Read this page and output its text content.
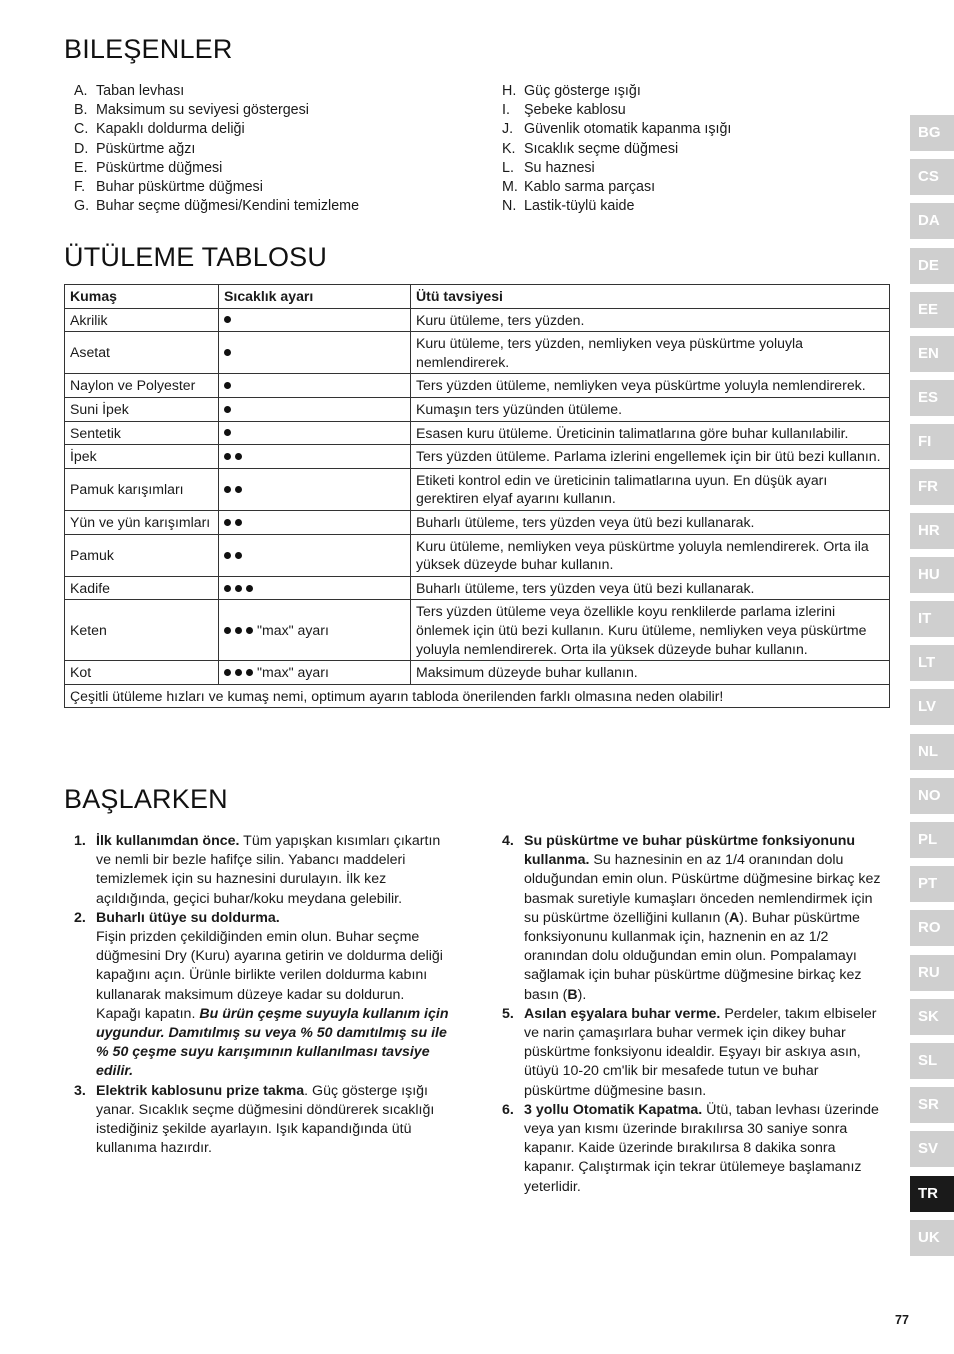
BILEŞENLER
A. Taban levhası
B. Maksimum su seviyesi göstergesi
C. Kapaklı doldurma deliği
D. Püskürtme ağzı
E. Püskürtme düğmesi
F. Buhar püskürtme düğmesi
G. Buhar seçme düğmesi/Kendini temizleme
H. Güç gösterge ışığı
I. Şebeke kablosu
J. Güvenlik otomatik kapanma ışığı
K. Sıcaklık seçme düğmesi
L. Su haznesi
M. Kablo sarma parçası
N. Lastik-tüylü kaide
ÜTÜLEME TABLOSU
Kumaş	Sıcaklık ayarı	Ütü tavsiyesi
Akrilik		Kuru ütüleme, ters yüzden.
Asetat		Kuru ütüleme, ters yüzden, nemliyken veya püskürtme yoluyla nemlendirerek.
Naylon ve Polyester		Ters yüzden ütüleme, nemliyken veya püskürtme yoluyla nemlendirerek.
Suni İpek		Kumaşın ters yüzünden ütüleme.
Sentetik		Esasen kuru ütüleme. Üreticinin talimatlarına göre buhar kullanılabilir.
İpek		Ters yüzden ütüleme. Parlama izlerini engellemek için bir ütü bezi kullanın.
Pamuk karışımları		Etiketi kontrol edin ve üreticinin talimatlarına uyun. En düşük ayarı gerektiren elyaf ayarını kullanın.
Yün ve yün karışımları		Buharlı ütüleme, ters yüzden veya ütü bezi kullanarak.
Pamuk		Kuru ütüleme, nemliyken veya püskürtme yoluyla nemlendirerek. Orta ila yüksek düzeyde buhar kullanın.
Kadife		Buharlı ütüleme, ters yüzden veya ütü bezi kullanarak.
Keten	"max" ayarı	Ters yüzden ütüleme veya özellikle koyu renklilerde parlama izlerini önlemek için ütü bezi kullanın. Kuru ütüleme, nemliyken veya püskürtme yoluyla nemlendirerek. Orta ila yüksek düzeyde buhar kullanın.
Kot	"max" ayarı	Maksimum düzeyde buhar kullanın.
Çeşitli ütüleme hızları ve kumaş nemi, optimum ayarın tabloda önerilenden farklı olmasına neden olabilir!		
BAŞLARKEN
1. İlk kullanımdan önce. Tüm yapışkan kısımları çıkartın ve nemli bir bezle hafifçe silin. Yabancı maddeleri temizlemek için su haznesini durulayın. İlk kez açıldığında, geçici buhar/koku meydana gelebilir.
2. Buharlı ütüye su doldurma.
Fişin prizden çekildiğinden emin olun. Buhar seçme düğmesini Dry (Kuru) ayarına getirin ve doldurma deliği kapağını açın. Ürünle birlikte verilen doldurma kabını kullanarak maksimum düzeye kadar su doldurun. Kapağı kapatın. Bu ürün çeşme suyuyla kullanım için uygundur. Damıtılmış su veya % 50 damıtılmış su ile % 50 çeşme suyu karışımının kullanılması tavsiye edilir.
3. Elektrik kablosunu prize takma. Güç gösterge ışığı yanar. Sıcaklık seçme düğmesini döndürerek sıcaklığı istediğiniz şekilde ayarlayın. Işık kapandığında ütü kullanıma hazırdır.
4. Su püskürtme ve buhar püskürtme fonksiyonunu kullanma. Su haznesinin en az 1/4 oranından dolu olduğundan emin olun. Püskürtme düğmesine birkaç kez basmak suretiyle kumaşları önceden nemlendirmek için su püskürtme özelliğini kullanın (A). Buhar püskürtme fonksiyonunu kullanmak için, haznenin en az 1/2 oranından dolu olduğundan emin olun. Pompalamayı sağlamak için buhar püskürtme düğmesine birkaç kez basın (B).
5. Asılan eşyalara buhar verme. Perdeler, takım elbiseler ve narin çamaşırlara buhar vermek için dikey buhar püskürtme fonksiyonu idealdir. Eşyayı bir askıya asın, ütüyü 10-20 cm'lik bir mesafede tutun ve buhar püskürtme düğmesine basın.
6. 3 yollu Otomatik Kapatma. Ütü, taban levhası üzerinde veya yan kısmı üzerinde bırakılırsa 30 saniye sonra kapanır. Kaide üzerinde bırakılırsa 8 dakika sonra kapanır. Çalıştırmak için tekrar ütülemeye başlamanız yeterlidir.
BG
CS
DA
DE
EE
EN
ES
FI
FR
HR
HU
IT
LT
LV
NL
NO
PL
PT
RO
RU
SK
SL
SR
SV
TR
UK
77
